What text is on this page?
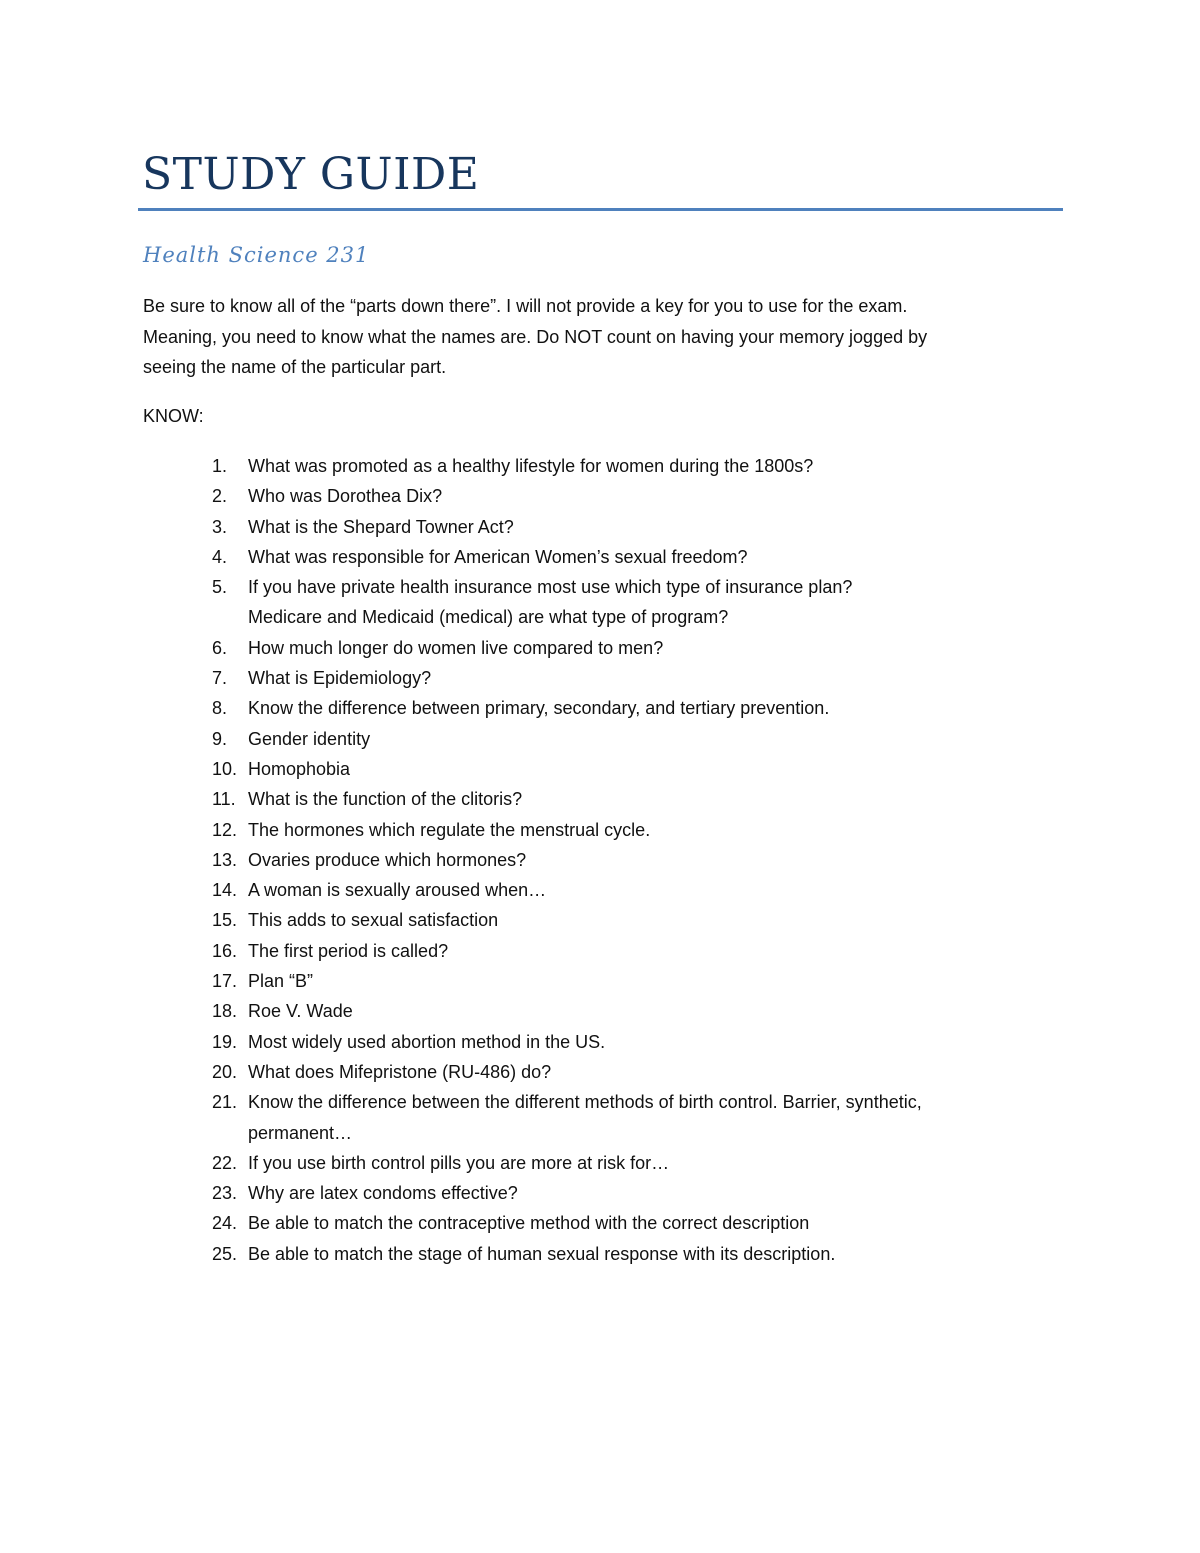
STUDY GUIDE
Health Science 231

Be sure to know all of the “parts down there”. I will not provide a key for you to use for the exam.
Meaning, you need to know what the names are. Do NOT count on having your memory jogged by
seeing the name of the particular part.

KNOW:

1. What was promoted as a healthy lifestyle for women during the 1800s?
2. Who was Dorothea Dix?
3. What is the Shepard Towner Act?
4. What was responsible for American Women’s sexual freedom?
5. If you have private health insurance most use which type of insurance plan?
Medicare and Medicaid (medical) are what type of program?
6. How much longer do women live compared to men?
7. What is Epidemiology?
8. Know the difference between primary, secondary, and tertiary prevention.
9. Gender identity
10. Homophobia
11. What is the function of the clitoris?
12. The hormones which regulate the menstrual cycle.
13. Ovaries produce which hormones?
14. A woman is sexually aroused when…
15. This adds to sexual satisfaction
16. The first period is called?
17. Plan “B”
18. Roe V. Wade
19. Most widely used abortion method in the US.
20. What does Mifepristone (RU-486) do?
21. Know the difference between the different methods of birth control. Barrier, synthetic,
permanent…
22. If you use birth control pills you are more at risk for…
23. Why are latex condoms effective?
24. Be able to match the contraceptive method with the correct description
25. Be able to match the stage of human sexual response with its description.
